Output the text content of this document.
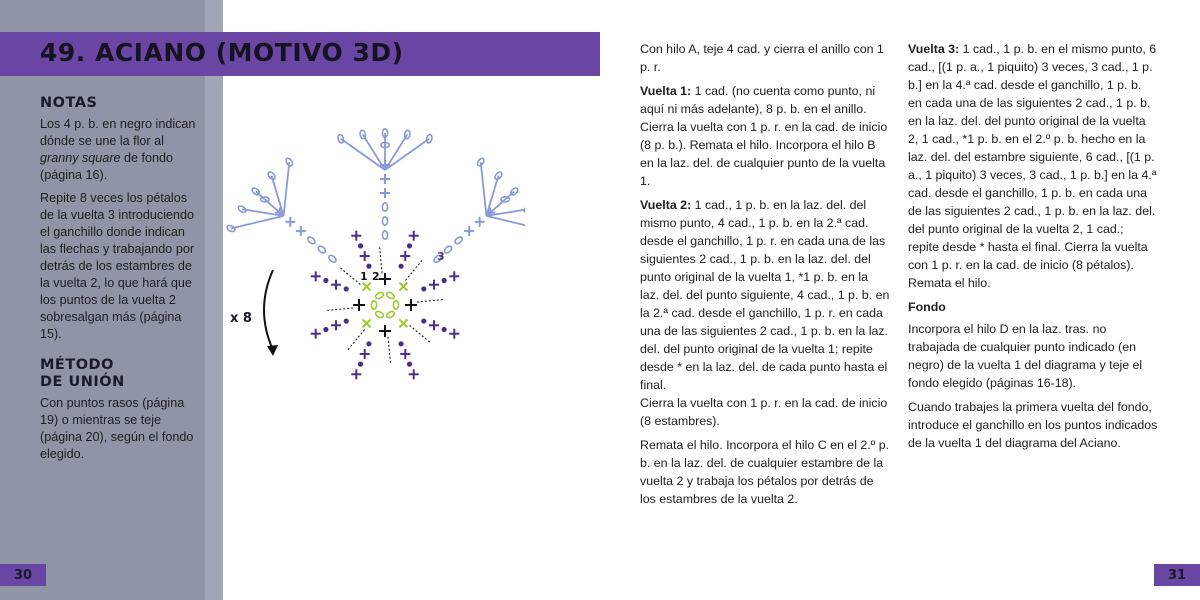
49. ACIANO (MOTIVO 3D)
NOTAS

Los 4 p. b. en negro indican dónde se une la flor al granny square de fondo (página 16).

Repite 8 veces los pétalos de la vuelta 3 introduciendo el ganchillo donde indican las flechas y trabajando por detrás de los estambres de la vuelta 2, lo que hará que los puntos de la vuelta 2 sobresalgan más (página 15).

MÉTODO
DE UNIÓN

Con puntos rasos (página 19) o mientras se teje (página 20), según el fondo elegido.

x 8
1 2
3

Con hilo A, teje 4 cad. y cierra el anillo con 1 p. r.

Vuelta 1: 1 cad. (no cuenta como punto, ni aquí ni más adelante), 8 p. b. en el anillo. Cierra la vuelta con 1 p. r. en la cad. de inicio (8 p. b.). Remata el hilo. Incorpora el hilo B en la laz. del. de cualquier punto de la vuelta 1.

Vuelta 2: 1 cad., 1 p. b. en la laz. del. del mismo punto, 4 cad., 1 p. b. en la 2.ª cad. desde el ganchillo, 1 p. r. en cada una de las siguientes 2 cad., 1 p. b. en la laz. del. del punto original de la vuelta 1, *1 p. b. en la laz. del. del punto siguiente, 4 cad., 1 p. b. en la 2.ª cad. desde el ganchillo, 1 p. r. en cada una de las siguientes 2 cad., 1 p. b. en la laz. del. del punto original de la vuelta 1; repite desde * en la laz. del. de cada punto hasta el final.

Cierra la vuelta con 1 p. r. en la cad. de inicio (8 estambres).

Remata el hilo. Incorpora el hilo C en el 2.º p. b. en la laz. del. de cualquier estambre de la vuelta 2 y trabaja los pétalos por detrás de los estambres de la vuelta 2.

Vuelta 3: 1 cad., 1 p. b. en el mismo punto, 6 cad., [(1 p. a., 1 piquito) 3 veces, 3 cad., 1 p. b.] en la 4.ª cad. desde el ganchillo, 1 p. b. en cada una de las siguientes 2 cad., 1 p. b. en la laz. del. del punto original de la vuelta 2, 1 cad., *1 p. b. en el 2.º p. b. hecho en la laz. del. del estambre siguiente, 6 cad., [(1 p. a., 1 piquito) 3 veces, 3 cad., 1 p. b.] en la 4.ª cad. desde el ganchillo, 1 p. b. en cada una de las siguientes 2 cad., 1 p. b. en la laz. del. del punto original de la vuelta 2, 1 cad.; repite desde * hasta el final. Cierra la vuelta con 1 p. r. en la cad. de inicio (8 pétalos). Remata el hilo.

Fondo

Incorpora el hilo D en la laz. tras. no trabajada de cualquier punto indicado (en negro) de la vuelta 1 del diagrama y teje el fondo elegido (páginas 16-18).

Cuando trabajes la primera vuelta del fondo, introduce el ganchillo en los puntos indicados de la vuelta 1 del diagrama del Aciano.

30	31
